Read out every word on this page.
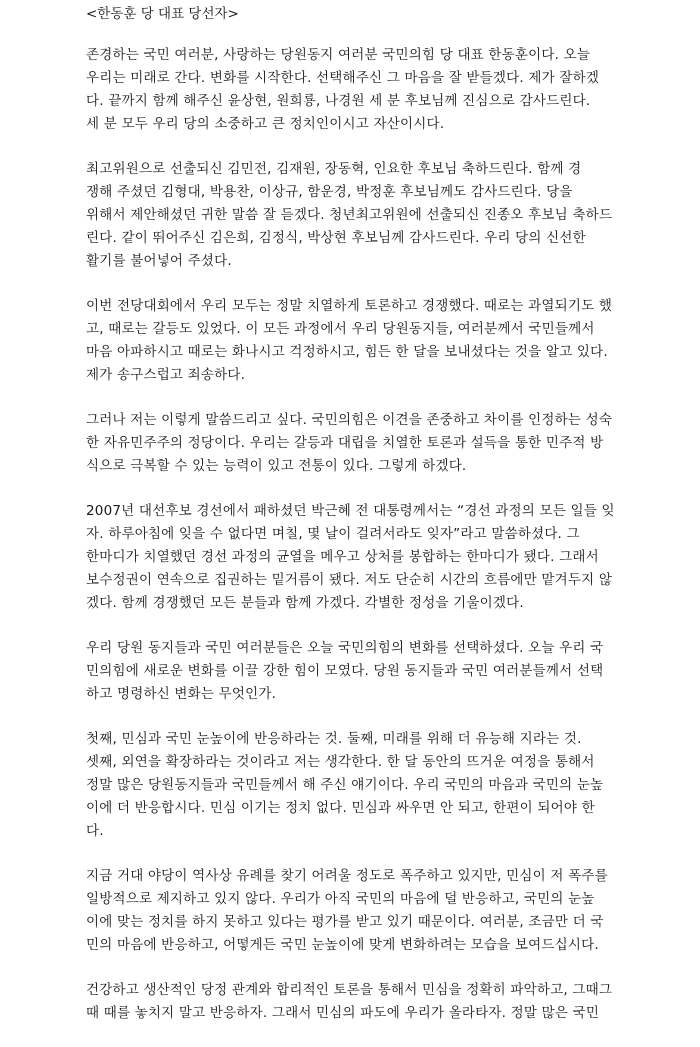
<한동훈 당 대표 당선자>
존경하는 국민 여러분, 사랑하는 당원동지 여러분 국민의힘 당 대표 한동훈이다. 오늘
우리는 미래로 간다. 변화를 시작한다. 선택해주신 그 마음을 잘 받들겠다. 제가 잘하겠
다. 끝까지 함께 해주신 윤상현, 원희룡, 나경원 세 분 후보님께 진심으로 감사드린다.
세 분 모두 우리 당의 소중하고 큰 정치인이시고 자산이시다.
최고위원으로 선출되신 김민전, 김재원, 장동혁, 인요한 후보님 축하드린다. 함께 경
쟁해 주셨던 김형대, 박용찬, 이상규, 함운경, 박정훈 후보님께도 감사드린다. 당을
위해서 제안해셨던 귀한 말씀 잘 듣겠다. 청년최고위원에 선출되신 진종오 후보님 축하드
린다. 같이 뛰어주신 김은희, 김정식, 박상현 후보님께 감사드린다. 우리 당의 신선한
활기를 불어넣어 주셨다.
이번 전당대회에서 우리 모두는 정말 치열하게 토론하고 경쟁했다. 때로는 과열되기도 했
고, 때로는 갈등도 있었다. 이 모든 과정에서 우리 당원동지들, 여러분께서 국민들께서
마음 아파하시고 때로는 화나시고 걱정하시고, 힘든 한 달을 보내셨다는 것을 알고 있다.
제가 송구스럽고 죄송하다.
그러나 저는 이렇게 말씀드리고 싶다. 국민의힘은 이견을 존중하고 차이를 인정하는 성숙
한 자유민주주의 정당이다. 우리는 갈등과 대립을 치열한 토론과 설득을 통한 민주적 방
식으로 극복할 수 있는 능력이 있고 전통이 있다. 그렇게 하겠다.
2007년 대선후보 경선에서 패하셨던 박근혜 전 대통령께서는 “경선 과정의 모든 일들 잊
자. 하루아침에 잊을 수 없다면 며칠, 몇 날이 걸려서라도 잊자”라고 말씀하셨다. 그
한마디가 치열했던 경선 과정의 균열을 메우고 상처를 봉합하는 한마디가 됐다. 그래서
보수정권이 연속으로 집권하는 밑거름이 됐다. 저도 단순히 시간의 흐름에만 맡겨두지 않
겠다. 함께 경쟁했던 모든 분들과 함께 가겠다. 각별한 정성을 기울이겠다.
우리 당원 동지들과 국민 여러분들은 오늘 국민의힘의 변화를 선택하셨다. 오늘 우리 국
민의힘에 새로운 변화를 이끌 강한 힘이 모였다. 당원 동지들과 국민 여러분들께서 선택
하고 명령하신 변화는 무엇인가.
첫째, 민심과 국민 눈높이에 반응하라는 것. 둘째, 미래를 위해 더 유능해 지라는 것.
셋째, 외연을 확장하라는 것이라고 저는 생각한다. 한 달 동안의 뜨거운 여정을 통해서
정말 많은 당원동지들과 국민들께서 해 주신 얘기이다. 우리 국민의 마음과 국민의 눈높
이에 더 반응합시다. 민심 이기는 정치 없다. 민심과 싸우면 안 되고, 한편이 되어야 한
다.
지금 거대 야당이 역사상 유례를 찾기 어려울 정도로 폭주하고 있지만, 민심이 저 폭주를
일방적으로 제지하고 있지 않다. 우리가 아직 국민의 마음에 덜 반응하고, 국민의 눈높
이에 맞는 정치를 하지 못하고 있다는 평가를 받고 있기 때문이다. 여러분, 조금만 더 국
민의 마음에 반응하고, 어떻게든 국민 눈높이에 맞게 변화하려는 모습을 보여드십시다.
건강하고 생산적인 당정 관계와 합리적인 토론을 통해서 민심을 정확히 파악하고, 그때그
때 때를 놓치지 말고 반응하자. 그래서 민심의 파도에 우리가 올라타자. 정말 많은 국민
